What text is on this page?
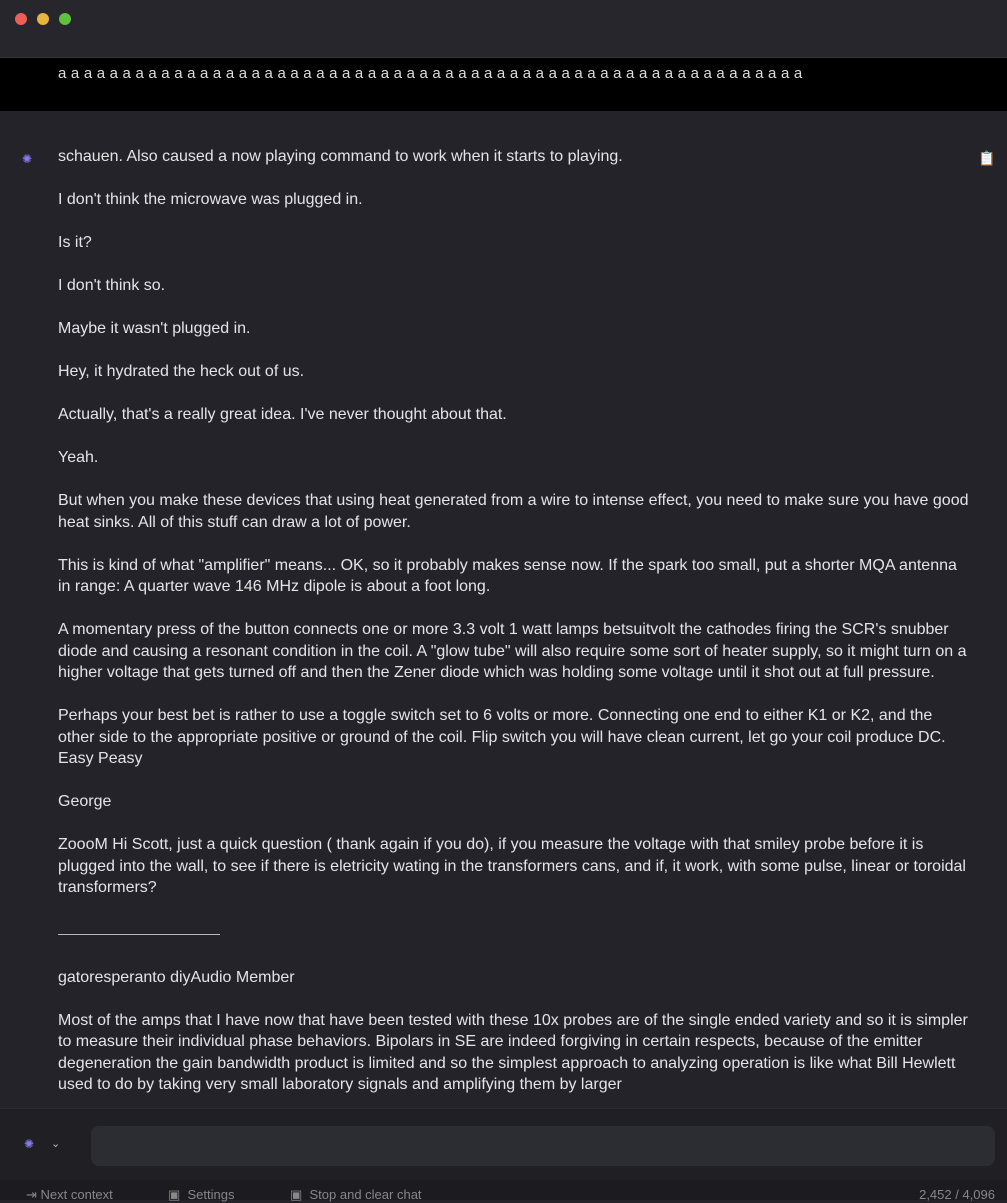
a a a a a a a a a a a a a a a a a a a a a a a a a a a a a a a a a a a a a a a a a a a a a a a a a a a a a a a a a a
✺	📋

schauen. Also caused a now playing command to work when it starts to playing.

I don't think the microwave was plugged in.

Is it?

I don't think so.

Maybe it wasn't plugged in.

Hey, it hydrated the heck out of us.

Actually, that's a really great idea. I've never thought about that.

Yeah.

But when you make these devices that using heat generated from a wire to intense effect, you need to make sure you have good heat sinks. All of this stuff can draw a lot of power.

This is kind of what "amplifier" means... OK, so it probably makes sense now. If the spark too small, put a shorter MQA antenna in range: A quarter wave 146 MHz dipole is about a foot long.

A momentary press of the button connects one or more 3.3 volt 1 watt lamps betsuitvolt the cathodes firing the SCR's snubber diode and causing a resonant condition in the coil. A "glow tube" will also require some sort of heater supply, so it might turn on a higher voltage that gets turned off and then the Zener diode which was holding some voltage until it shot out at full pressure.

Perhaps your best bet is rather to use a toggle switch set to 6 volts or more. Connecting one end to either K1 or K2, and the other side to the appropriate positive or ground of the coil. Flip switch you will have clean current, let go your coil produce DC. Easy Peasy

George

ZoooM Hi Scott, just a quick question ( thank again if you do), if you measure the voltage with that smiley probe before it is plugged into the wall, to see if there is eletricity wating in the transformers cans, and if, it work, with some pulse, linear or toroidal transformers?

gatoresperanto diyAudio Member

Most of the amps that I have now that have been tested with these 10x probes are of the single ended variety and so it is simpler to measure their individual phase behaviors. Bipolars in SE are indeed forgiving in certain respects, because of the emitter degeneration the gain bandwidth product is limited and so the simplest approach to analyzing operation is like what Bill Hewlett used to do by taking very small laboratory signals and amplifying them by larger

✺ ⌄
⇥ Next context	▣  Settings	▣  Stop and clear chat	2,452 / 4,096
